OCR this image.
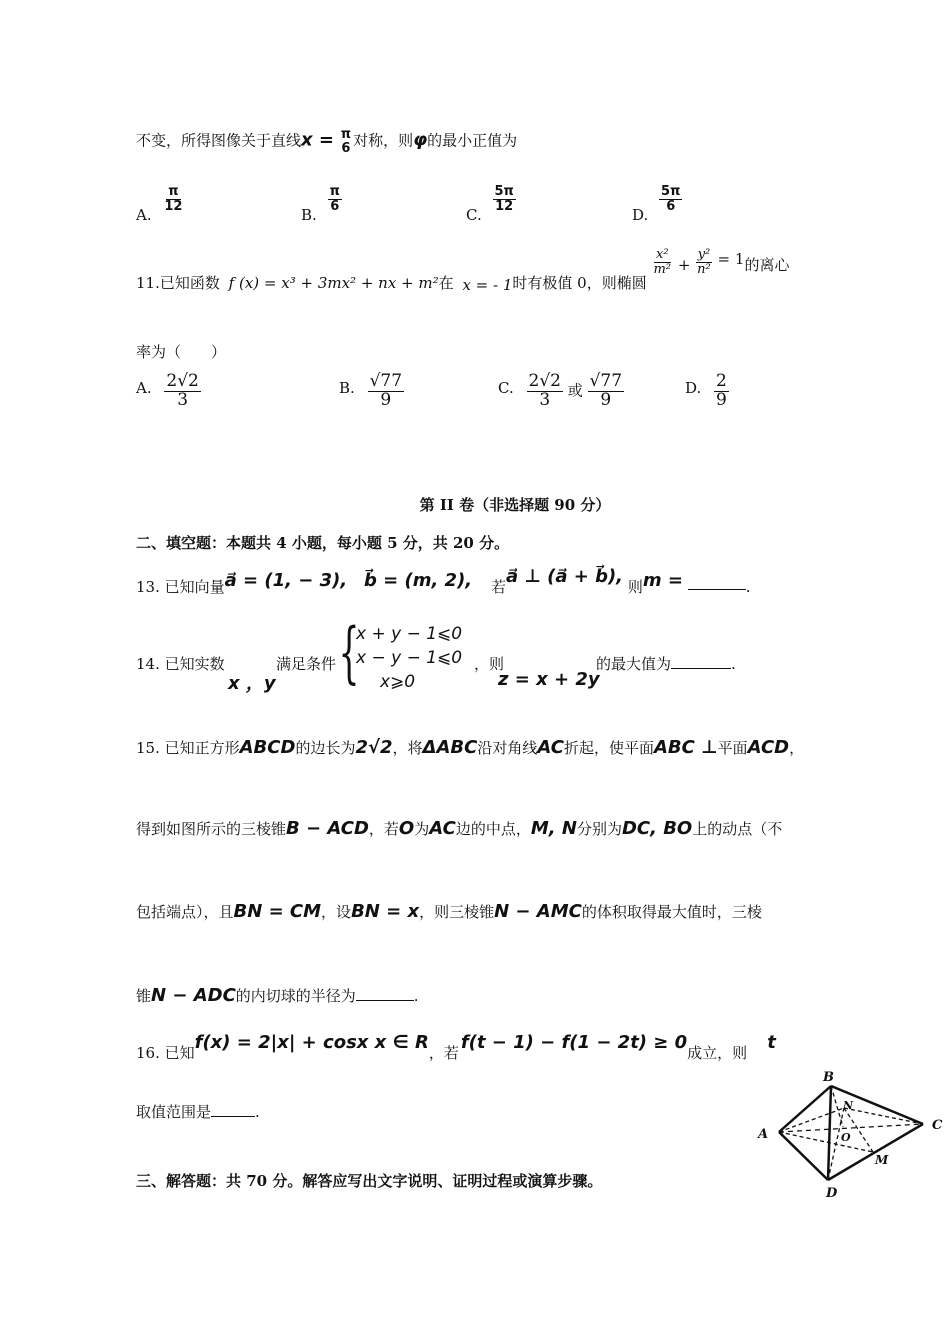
不变，所得图像关于直线x = π
6 对称，则φ的最小正值为
A.
$\frac{\pi}{12}$
B.
$\frac{\pi}{6}$
C.
$\frac{5\pi}{12}$
D.
$\frac{5\pi}{6}$
11.已知函数 f (x) = x³ + 3mx² + nx + m²在 x = - 1时有极值 0，则椭圆
$\frac{\text{x²}}{\text{m²}} + \frac{\text{y²}}{\text{n²}} = 1$的离心
率为（　　）
A. $\frac{2√2}{3}$	B. $\frac{√77}{9}$	C. $\frac{2√2}{3}$ 或 $\frac{√77}{9}$	D. $\frac{2}{9}$
第 II 卷（非选择题 90 分）
二、填空题：本题共 4 小题，每小题 5 分，共 20 分。
13. 已知向量a⃗ = (1, − 3), b⃗ = (m, 2), 若a⃗ ⊥ (a⃗ + b⃗), 则m =	.
14. 已知实数
x ，y
满足条件 {
x + y − 1⩽0
x − y − 1⩽0
x⩾0
，则
z = x + 2y
的最大值为	.
15. 已知正方形ABCD的边长为2√2，将ΔABC沿对角线AC折起，使平面ABC ⊥平面ACD，
得到如图所示的三棱锥B − ACD，若O为AC边的中点，M, N分别为DC, BO上的动点（不
包括端点），且BN = CM，设BN = x，则三棱锥N − AMC的体积取得最大值时，三棱
锥N − ADC的内切球的半径为	.
16. 已知f(x) = 2|x| + cosx x ∈ R，若 f(t − 1) − f(1 − 2t) ≥ 0成立，则 t
取值范围是	.
B
N
O
A
C
M
D
三、解答题：共 70 分。解答应写出文字说明、证明过程或演算步骤。
